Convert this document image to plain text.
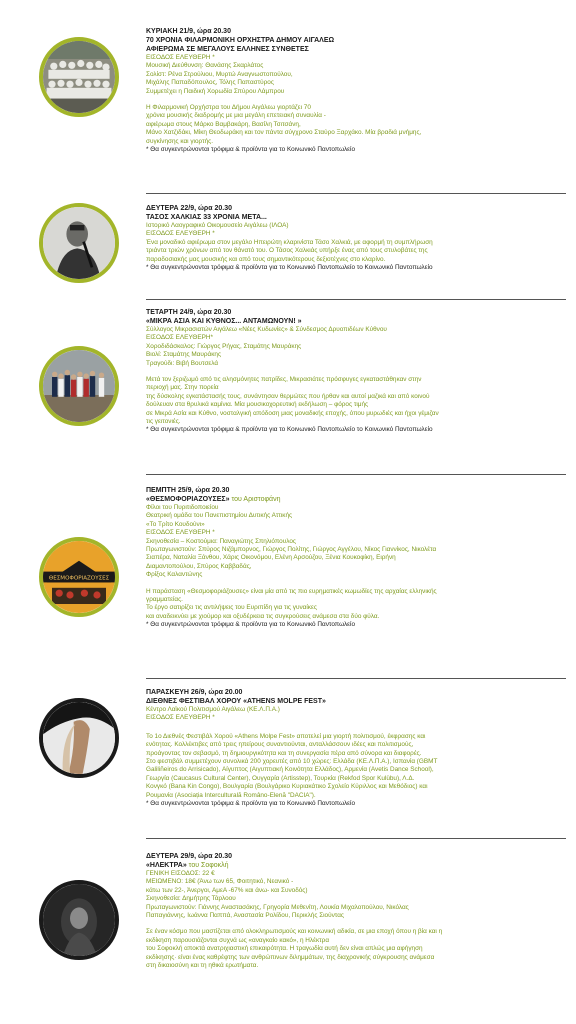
ΚΥΡΙΑΚΗ 21/9, ώρα 20.30
70 ΧΡΟΝΙΑ ΦΙΛΑΡΜΟΝΙΚΗ ΟΡΧΗΣΤΡΑ ΔΗΜΟΥ ΑΙΓΑΛΕΩ
ΑΦΙΕΡΩΜΑ ΣΕ ΜΕΓΑΛΟΥΣ ΕΛΛΗΝΕΣ ΣΥΝΘΕΤΕΣ
ΕΙΣΟΔΟΣ ΕΛΕΥΘΕΡΗ *
Μουσική Διεύθυνση: Θανάσης Σκαρλάτος
Σολίστ: Ρένα Στρούλιου, Μυρτώ Αναγνωστοπούλου,
Μιχάλης Παπαδόπουλος, Τόλης Παπαστύρος
Συμμετέχει η Παιδική Χορωδία Σπύρου Λάμπρου
Η Φιλαρμονική Ορχήστρα του Δήμου Αιγάλεω γιορτάζει 70
χρόνια μουσικής διαδρομής με μια μεγάλη επετειακή συναυλία -
αφιέρωμα στους Μάρκο Βαμβακάρη, Βασίλη Τσιτσάνη,
Μάνο Χατζιδάκι, Μίκη Θεοδωράκη και τον πάντα σύγχρονο Σταύρο Ξαρχάκο. Μία βραδιά μνήμης,
συγκίνησης και γιορτής.
* Θα συγκεντρώνονται τρόφιμα & προϊόντα για το Κοινωνικό Παντοπωλείο
ΔΕΥΤΕΡΑ 22/9, ώρα 20.30
ΤΑΣΟΣ ΧΑΛΚΙΑΣ 33 ΧΡΟΝΙΑ ΜΕΤΑ...
Ιστορικό Λαογραφικό Οικομουσείο Αιγάλεω (ΙΛΟΑ)
ΕΙΣΟΔΟΣ ΕΛΕΥΘΕΡΗ *
Ένα μοναδικό αφιέρωμα στον μεγάλο Ηπειρώτη κλαρινίστα Τάσο Χαλκιά, με αφορμή τη συμπλήρωση
τριάντα τριών χρόνων από τον θάνατό του. Ο Τάσος Χαλκιάς υπήρξε ένας από τους στυλοβάτες της
παραδοσιακής μας μουσικής και από τους σημαντικότερους δεξιοτέχνες στο κλαρίνο.
* Θα συγκεντρώνονται τρόφιμα & προϊόντα για το Κοινωνικό Παντοπωλείο το Κοινωνικό Παντοπωλείο
ΤΕΤΑΡΤΗ 24/9, ώρα 20.30
«ΜΙΚΡΑ ΑΣΙΑ ΚΑΙ ΚΥΘΝΟΣ... ΑΝΤΑΜΩΝΟΥΝ! »
Σύλλογος Μικρασιατών Αιγάλεω «Νέες Κυδωνίες» & Σύνδεσμος Δρυοπιδέων Κύθνου
ΕΙΣΟΔΟΣ ΕΛΕΥΘΕΡΗ*
Χοροδιδάσκαλος: Γιώργος Ρήγας, Σταμάτης Μαυράκης
Βιολί: Σταμάτης Μαυράκης
Τραγούδι: Βιβή Βουτσελά
Μετά τον ξεριζωμό από τις αλησμόνητες πατρίδες, Μικρασιάτες πρόσφυγες εγκαταστάθηκαν στην
περιοχή μας. Στην πορεία
της δύσκολης εγκατάστασής τους, συνάντησαν θερμώτες που ήρθαν και αυτοί μαζικά και από κοινού
δούλευαν στα θρυλικά καμίνια. Μία μουσικοχορευτική εκδήλωση – φόρος τιμής
σε Μικρά Ασία και Κύθνο, νοσταλγική απόδοση μιας μοναδικής εποχής, όπου μυρωδιές και ήχοι γέμιζαν
τις γειτονιές.
* Θα συγκεντρώνονται τρόφιμα & προϊόντα για το Κοινωνικό Παντοπωλείο το Κοινωνικό Παντοπωλείο
ΘΕΣΜΟΦΟΡΙΑΖΟΥΣΕΣ
ΠΕΜΠΤΗ 25/9, ώρα 20.30
«ΘΕΣΜΟΦΟΡΙΑΖΟΥΣΕΣ» του Αριστοφάνη
Φίλοι του Πυριτιδοποιείου
Θεατρική ομάδα του Πανεπιστημίου Δυτικής Αττικής
«Το Τρίτο Κουδούνι»
ΕΙΣΟΔΟΣ ΕΛΕΥΘΕΡΗ *
Σκηνοθεσία – Κοστούμια: Παναγιώτης Σπηλιόπουλος
Πρωταγωνιστούν: Σπύρος Νιζάμπορνος, Γιώργος Πολίτης, Γιώργος Αγγέλου, Νίκος Γιαννίκος, Νικολέτα
Σιαπέρα, Ναταλία Ξάνθου, Χάρις Οικονόμου, Ελένη Αρσούζου, Ξένια Κουκοφίκη, Ειρήνη
Διαμαντοπούλου, Σπύρος Καββαδάς,
Φρίξος Καλαντώνης
Η παράσταση «Θεσμοφοριάζουσες» είναι μία από τις πιο ευρηματικές κωμωδίες της αρχαίας ελληνικής
γραμματείας.
Το έργο σατιρίζει τις αντιλήψεις του Ευριπίδη για τις γυναίκες
και αναδεικνύει με χιούμορ και οξυδέρκεια τις συγκρούσεις ανάμεσα στα δύο φύλα.
* Θα συγκεντρώνονται τρόφιμα & προϊόντα για το Κοινωνικό Παντοπωλείο
ΠΑΡΑΣΚΕΥΗ 26/9, ώρα 20.00
ΔΙΕΘΝΕΣ ΦΕΣΤΙΒΑΛ ΧΟΡΟΥ «ATHENS MOLPE FEST»
Κέντρο Λαϊκού Πολιτισμού Αιγάλεω (ΚΕ.Λ.Π.Α.)
ΕΙΣΟΔΟΣ ΕΛΕΥΘΕΡΗ *
Το 1ο Διεθνές Φεστιβάλ Χορού «Athens Molpe Fest» αποτελεί μια γιορτή πολιτισμού, έκφρασης και
ενότητας. Κολλέκτιβες από τρεις ηπείρους συναντιούνται, ανταλλάσσουν ιδέες και πολιτισμούς,
προάγοντας τον σεβασμό, τη δημιουργικότητα και τη συνεργασία πέρα από σύνορα και διαφορές.
Στο φεστιβάλ συμμετέχουν συνολικά 200 χορευτές από 10 χώρες: Ελλάδα (ΚΕ.Λ.Π.Α.), Ισπανία (GBMT
Galiliñeiros do Arrisicado), Αίγυπτος (Αιγυπτιακή Κοινότητα Ελλάδος), Αρμενία (Avetis Dance School),
Γεωργία (Caucasus Cultural Center), Ουγγαρία (Artisstep), Τουρκία (Rekfod Spor Kulübu), Λ.Δ.
Κονγκό (Bana Kin Congo), Βουλγαρία (Βουλγάρικο Κυριακάτικο Σχολείο Κύριλλος και Μεθόδιος) και
Ρουμανία (Asociația Interculturală Româno-Elenă "DACIA").
* Θα συγκεντρώνονται τρόφιμα & προϊόντα για το Κοινωνικό Παντοπωλείο
ΔΕΥΤΕΡΑ 29/9, ώρα 20.30
«ΗΛΕΚΤΡΑ» του Σοφοκλή
ΓΕΝΙΚΗ ΕΙΣΟΔΟΣ: 22 €
ΜΕΙΩΜΕΝΟ: 18€ (Άνω των 65, Φοιτητικό, Νεανικό -
κάτω των 22-, Άνεργοι, ΑμεΑ -67% και άνω- και Συνοδός)
Σκηνοθεσία: Δημήτρης Τάρλοου
Πρωταγωνιστούν: Γιάννης Αναστασάκης, Γρηγορία Μεθενίτη, Λουκία Μιχαλοπούλου, Νικόλας
Παπαγιάννης, Ιωάννα Παππά, Αναστασία Ρολίδου, Περικλής Σιούντας
Σε έναν κόσμο που μαστίζεται από ολοκληρωτισμούς και κοινωνική αδικία, σε μια εποχή όπου η βία και η
εκδίκηση παρουσιάζονται συχνά ως «αναγκαίο κακό», η Ηλέκτρα
του Σοφοκλή αποκτά ανατριχιαστική επικαιρότητα. Η τραγωδία αυτή δεν είναι απλώς μια αφήγηση
εκδίκησης· είναι ένας καθρέφτης των ανθρώπινων διλημμάτων, της διαχρονικής σύγκρουσης ανάμεσα
στη δικαιοσύνη και τη ηθικά ερωτήματα.
